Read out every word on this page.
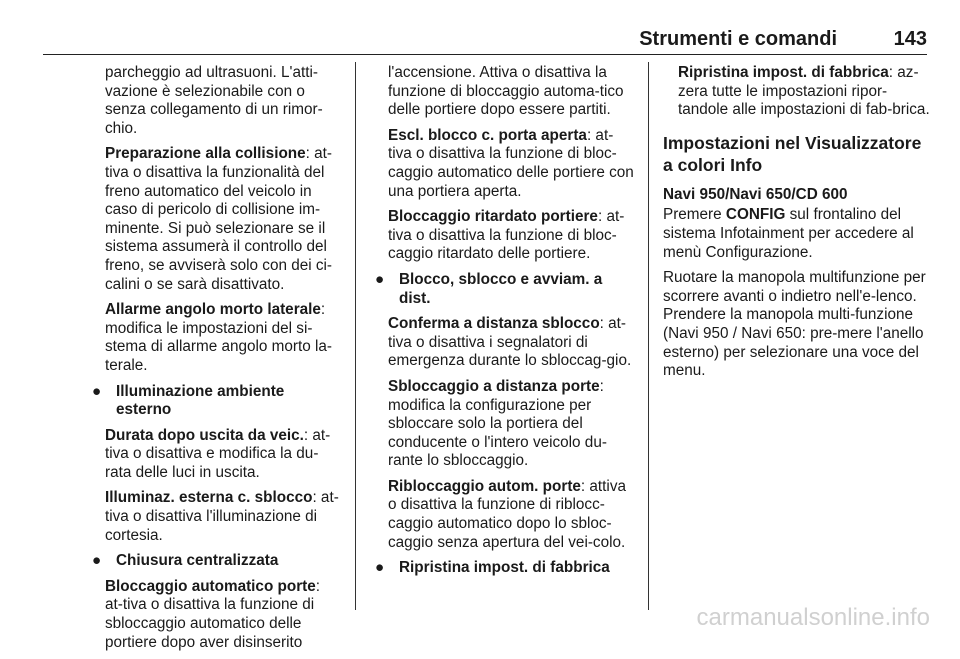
Strumenti e comandi	143

parcheggio ad ultrasuoni. L'atti-vazione è selezionabile con o senza collegamento di un rimor-chio.

Preparazione alla collisione: at-tiva o disattiva la funzionalità del freno automatico del veicolo in caso di pericolo di collisione im-minente. Si può selezionare se il sistema assumerà il controllo del freno, se avviserà solo con dei ci-calini o se sarà disattivato.

Allarme angolo morto laterale: modifica le impostazioni del si-stema di allarme angolo morto la-terale.

● Illuminazione ambiente esterno

Durata dopo uscita da veic.: at-tiva o disattiva e modifica la du-rata delle luci in uscita.

Illuminaz. esterna c. sblocco: at-tiva o disattiva l'illuminazione di cortesia.

● Chiusura centralizzata

Bloccaggio automatico porte: at-tiva o disattiva la funzione di sbloccaggio automatico delle portiere dopo aver disinserito

l'accensione. Attiva o disattiva la funzione di bloccaggio automa-tico delle portiere dopo essere partiti.

Escl. blocco c. porta aperta: at-tiva o disattiva la funzione di bloc-caggio automatico delle portiere con una portiera aperta.

Bloccaggio ritardato portiere: at-tiva o disattiva la funzione di bloc-caggio ritardato delle portiere.

● Blocco, sblocco e avviam. a dist.

Conferma a distanza sblocco: at-tiva o disattiva i segnalatori di emergenza durante lo sbloccag-gio.

Sbloccaggio a distanza porte: modifica la configurazione per sbloccare solo la portiera del conducente o l'intero veicolo du-rante lo sbloccaggio.

Ribloccaggio autom. porte: attiva o disattiva la funzione di riblocc-caggio automatico dopo lo sbloc-caggio senza apertura del vei-colo.

● Ripristina impost. di fabbrica

Ripristina impost. di fabbrica: az-zera tutte le impostazioni ripor-tandole alle impostazioni di fab-brica.

Impostazioni nel Visualizzatore a colori Info
Navi 950/Navi 650/CD 600

Premere CONFIG sul frontalino del sistema Infotainment per accedere al menù Configurazione.

Ruotare la manopola multifunzione per scorrere avanti o indietro nell'e-lenco. Prendere la manopola multi-funzione (Navi 950 / Navi 650: pre-mere l'anello esterno) per selezionare una voce del menu.

carmanualsonline.info
